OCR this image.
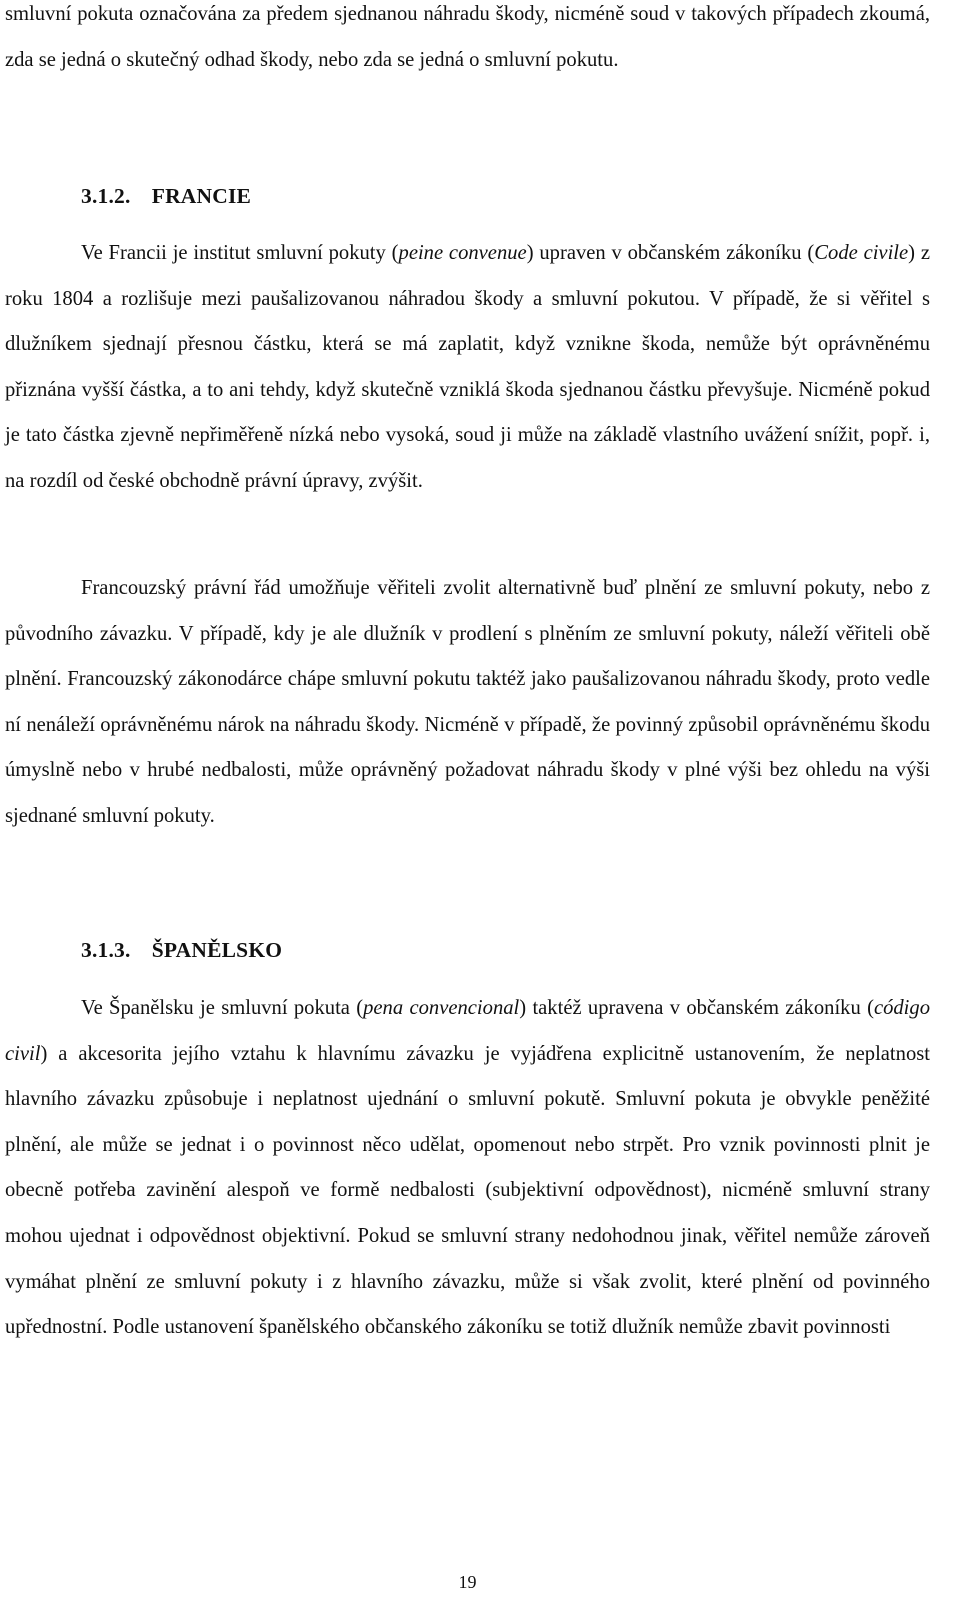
smluvní pokuta označována za předem sjednanou náhradu škody, nicméně soud v takových případech zkoumá, zda se jedná o skutečný odhad škody, nebo zda se jedná o smluvní pokutu.

3.1.2. FRANCIE

Ve Francii je institut smluvní pokuty (peine convenue) upraven v občanském zákoníku (Code civile) z roku 1804 a rozlišuje mezi paušalizovanou náhradou škody a smluvní pokutou. V případě, že si věřitel s dlužníkem sjednají přesnou částku, která se má zaplatit, když vznikne škoda, nemůže být oprávněnému přiznána vyšší částka, a to ani tehdy, když skutečně vzniklá škoda sjednanou částku převyšuje. Nicméně pokud je tato částka zjevně nepřiměřeně nízká nebo vysoká, soud ji může na základě vlastního uvážení snížit, popř. i, na rozdíl od české obchodně právní úpravy, zvýšit.

Francouzský právní řád umožňuje věřiteli zvolit alternativně buď plnění ze smluvní pokuty, nebo z původního závazku. V případě, kdy je ale dlužník v prodlení s plněním ze smluvní pokuty, náleží věřiteli obě plnění. Francouzský zákonodárce chápe smluvní pokutu taktéž jako paušalizovanou náhradu škody, proto vedle ní nenáleží oprávněnému nárok na náhradu škody. Nicméně v případě, že povinný způsobil oprávněnému škodu úmyslně nebo v hrubé nedbalosti, může oprávněný požadovat náhradu škody v plné výši bez ohledu na výši sjednané smluvní pokuty.

3.1.3. ŠPANĚLSKO

Ve Španělsku je smluvní pokuta (pena convencional) taktéž upravena v občanském zákoníku (código civil) a akcesorita jejího vztahu k hlavnímu závazku je vyjádřena explicitně ustanovením, že neplatnost hlavního závazku způsobuje i neplatnost ujednání o smluvní pokutě. Smluvní pokuta je obvykle peněžité plnění, ale může se jednat i o povinnost něco udělat, opomenout nebo strpět. Pro vznik povinnosti plnit je obecně potřeba zavinění alespoň ve formě nedbalosti (subjektivní odpovědnost), nicméně smluvní strany mohou ujednat i odpovědnost objektivní. Pokud se smluvní strany nedohodnou jinak, věřitel nemůže zároveň vymáhat plnění ze smluvní pokuty i z hlavního závazku, může si však zvolit, které plnění od povinného upřednostní. Podle ustanovení španělského občanského zákoníku se totiž dlužník nemůže zbavit povinnosti

19
